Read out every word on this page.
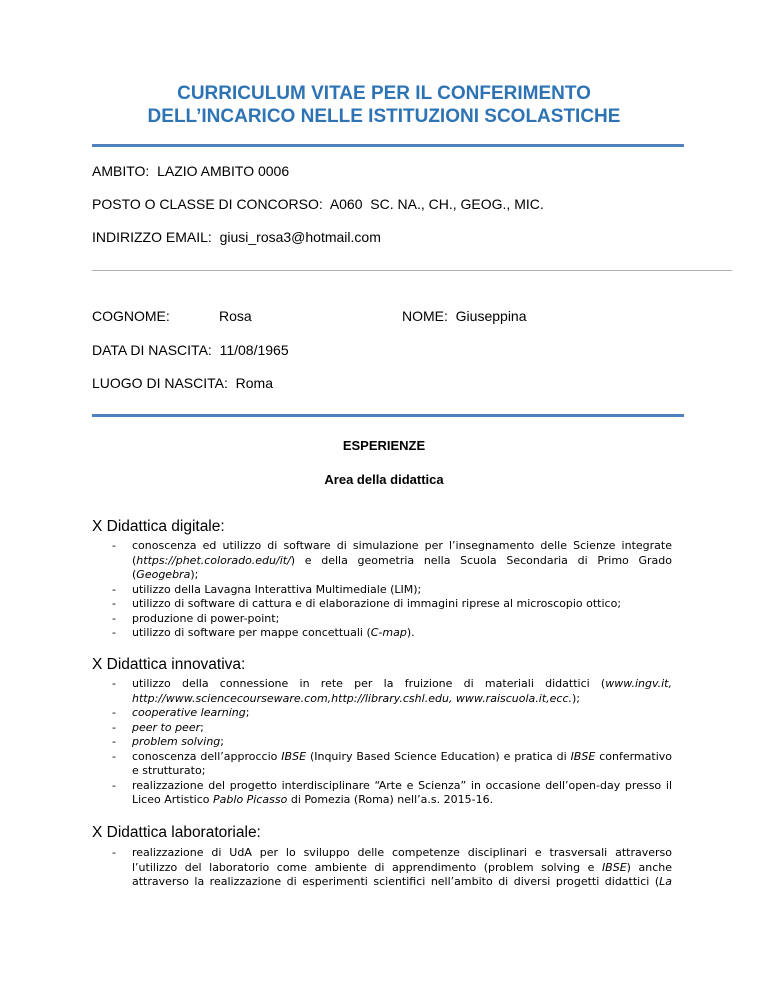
CURRICULUM VITAE PER IL CONFERIMENTO
DELL’INCARICO NELLE ISTITUZIONI SCOLASTICHE
AMBITO: LAZIO AMBITO 0006
POSTO O CLASSE DI CONCORSO: A060  SC. NA., CH., GEOG., MIC.
INDIRIZZO EMAIL: giusi_rosa3@hotmail.com
COGNOME:	Rosa	NOME: Giuseppina
DATA DI NASCITA: 11/08/1965
LUOGO DI NASCITA: Roma
ESPERIENZE
Area della didattica
X Didattica digitale:
- conoscenza ed utilizzo di software di simulazione per l’insegnamento delle Scienze integrate (https://phet.colorado.edu/it/) e della geometria nella Scuola Secondaria di Primo Grado (Geogebra);
- utilizzo della Lavagna Interattiva Multimediale (LIM);
- utilizzo di software di cattura e di elaborazione di immagini riprese al microscopio ottico;
- produzione di power-point;
- utilizzo di software per mappe concettuali (C-map).
X Didattica innovativa:
- utilizzo della connessione in rete per la fruizione di materiali didattici (www.ingv.it, http://www.sciencecourseware.com,http://library.cshl.edu, www.raiscuola.it,ecc.);
- cooperative learning;
- peer to peer;
- problem solving;
- conoscenza dell’approccio IBSE (Inquiry Based Science Education) e pratica di IBSE confermativo e strutturato;
- realizzazione del progetto interdisciplinare “Arte e Scienza” in occasione dell’open-day presso il Liceo Artistico Pablo Picasso di Pomezia (Roma) nell’a.s. 2015-16.
X Didattica laboratoriale:
- realizzazione di UdA per lo sviluppo delle competenze disciplinari e trasversali attraverso l’utilizzo del laboratorio come ambiente di apprendimento (problem solving e IBSE) anche attraverso la realizzazione di esperimenti scientifici nell’ambito di diversi progetti didattici (La
